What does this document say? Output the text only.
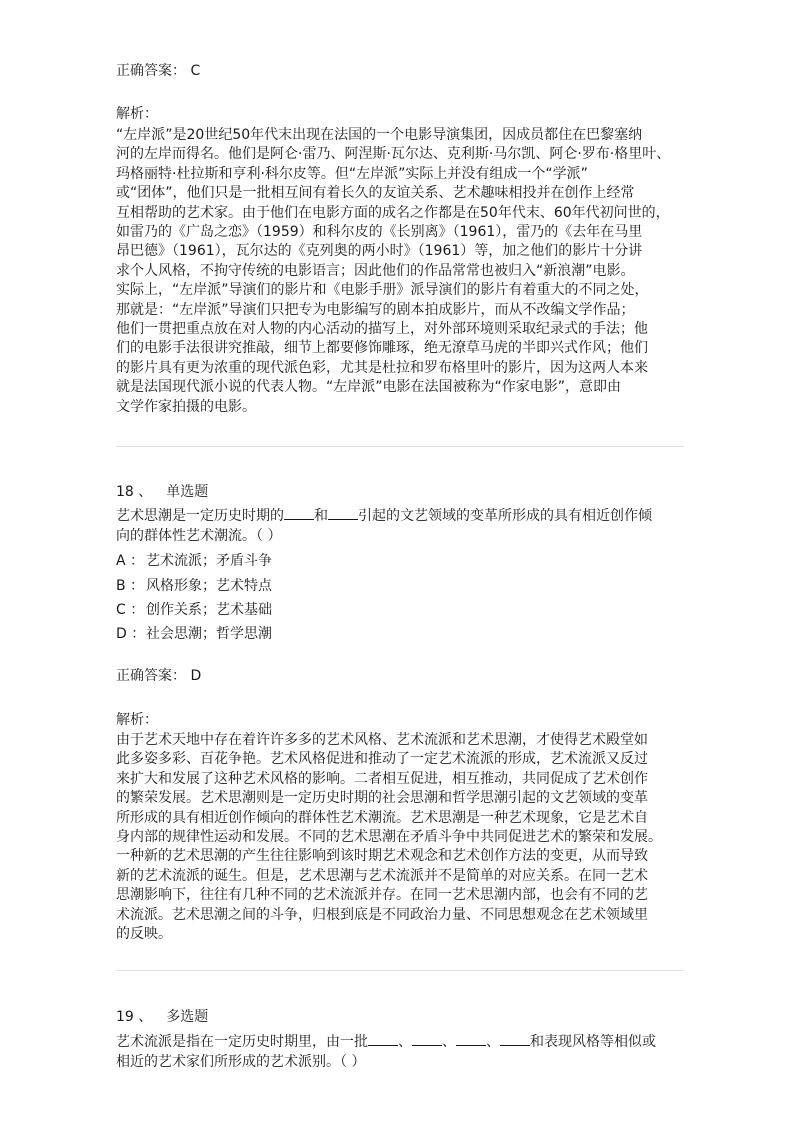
正确答案： C
解析：
“左岸派”是20世纪50年代末出现在法国的一个电影导演集团，因成员都住在巴黎塞纳
河的左岸而得名。他们是阿仑·雷乃、阿涅斯·瓦尔达、克利斯·马尔凯、阿仑·罗布·格里叶、
玛格丽特·杜拉斯和亨利·科尔皮等。但“左岸派”实际上并没有组成一个“学派”
或“团体”，他们只是一批相互间有着长久的友谊关系、艺术趣味相投并在创作上经常
互相帮助的艺术家。由于他们在电影方面的成名之作都是在50年代末、60年代初问世的，
如雷乃的《广岛之恋》（1959）和科尔皮的《长别离》（1961），雷乃的《去年在马里
昂巴德》（1961），瓦尔达的《克列奥的两小时》（1961）等，加之他们的影片十分讲
求个人风格，不拘守传统的电影语言；因此他们的作品常常也被归入“新浪潮”电影。
实际上，“左岸派”导演们的影片和《电影手册》派导演们的影片有着重大的不同之处，
那就是：“左岸派”导演们只把专为电影编写的剧本拍成影片，而从不改编文学作品；
他们一贯把重点放在对人物的内心活动的描写上，对外部环境则采取纪录式的手法；他
们的电影手法很讲究推敲，细节上都要修饰雕琢，绝无潦草马虎的半即兴式作风；他们
的影片具有更为浓重的现代派色彩，尤其是杜拉和罗布格里叶的影片，因为这两人本来
就是法国现代派小说的代表人物。“左岸派”电影在法国被称为“作家电影”，意即由
文学作家拍摄的电影。
18 、 单选题
艺术思潮是一定历史时期的 和 引起的文艺领域的变革所形成的具有相近创作倾
向的群体性艺术潮流。（ ）
A ： 艺术流派；矛盾斗争
B ： 风格形象；艺术特点
C ： 创作关系；艺术基础
D ：社会思潮；哲学思潮
正确答案： D
解析：
由于艺术天地中存在着许许多多的艺术风格、艺术流派和艺术思潮，才使得艺术殿堂如
此多姿多彩、百花争艳。艺术风格促进和推动了一定艺术流派的形成，艺术流派又反过
来扩大和发展了这种艺术风格的影响。二者相互促进，相互推动，共同促成了艺术创作
的繁荣发展。艺术思潮则是一定历史时期的社会思潮和哲学思潮引起的文艺领域的变革
所形成的具有相近创作倾向的群体性艺术潮流。艺术思潮是一种艺术现象，它是艺术自
身内部的规律性运动和发展。不同的艺术思潮在矛盾斗争中共同促进艺术的繁荣和发展。
一种新的艺术思潮的产生往往影响到该时期艺术观念和艺术创作方法的变更，从而导致
新的艺术流派的诞生。但是，艺术思潮与艺术流派并不是简单的对应关系。在同一艺术
思潮影响下，往往有几种不同的艺术流派并存。在同一艺术思潮内部，也会有不同的艺
术流派。艺术思潮之间的斗争，归根到底是不同政治力量、不同思想观念在艺术领域里
的反映。
19 、 多选题
艺术流派是指在一定历史时期里，由一批 、 、 、 和表现风格等相似或
相近的艺术家们所形成的艺术派别。（ ）
